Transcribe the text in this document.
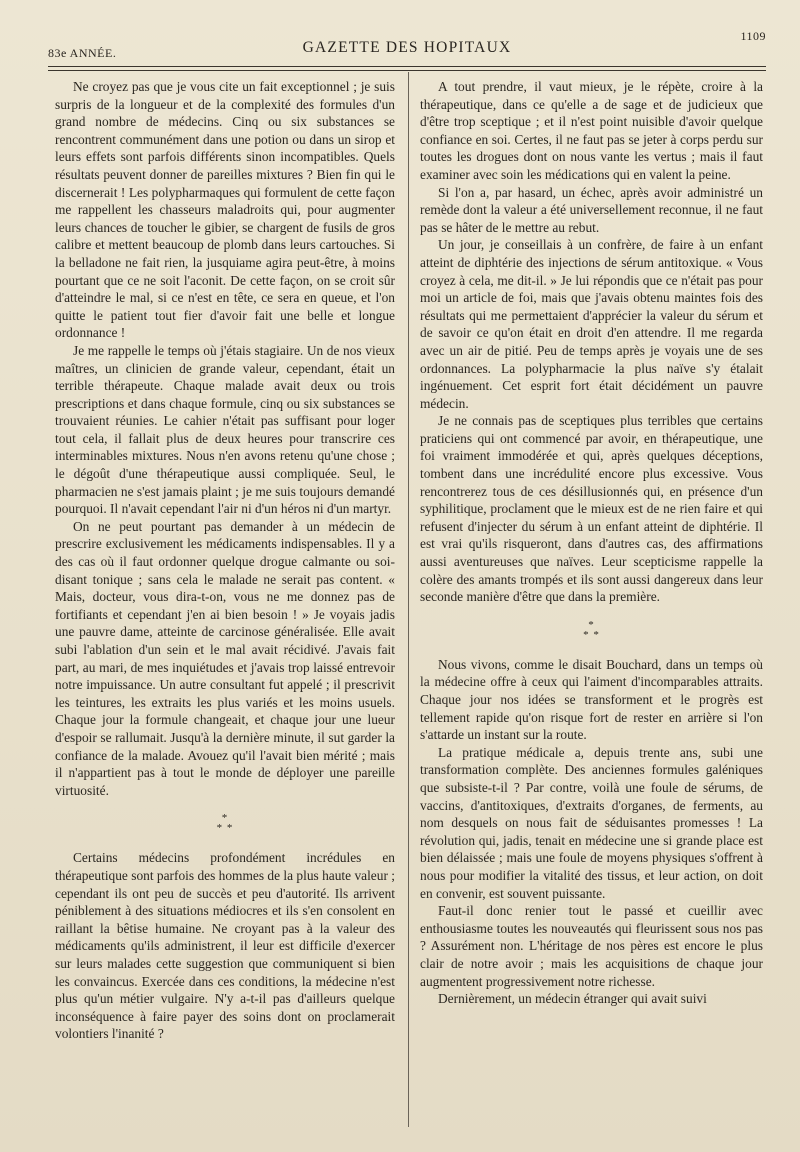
83e ANNÉE.	GAZETTE DES HOPITAUX
1109

Ne croyez pas que je vous cite un fait exceptionnel ; je suis surpris de la longueur et de la complexité des formules d'un grand nombre de médecins. Cinq ou six substances se rencontrent communément dans une potion ou dans un sirop et leurs effets sont parfois différents sinon incompatibles. Quels résultats peuvent donner de pareilles mixtures ? Bien fin qui le discernerait ! Les polypharmaques qui formulent de cette façon me rappellent les chasseurs maladroits qui, pour augmenter leurs chances de toucher le gibier, se chargent de fusils de gros calibre et mettent beaucoup de plomb dans leurs cartouches. Si la belladone ne fait rien, la jusquiame agira peut-être, à moins pourtant que ce ne soit l'aconit. De cette façon, on se croit sûr d'atteindre le mal, si ce n'est en tête, ce sera en queue, et l'on quitte le patient tout fier d'avoir fait une belle et longue ordonnance !

Je me rappelle le temps où j'étais stagiaire. Un de nos vieux maîtres, un clinicien de grande valeur, cependant, était un terrible thérapeute. Chaque malade avait deux ou trois prescriptions et dans chaque formule, cinq ou six substances se trouvaient réunies. Le cahier n'était pas suffisant pour loger tout cela, il fallait plus de deux heures pour transcrire ces interminables mixtures. Nous n'en avons retenu qu'une chose ; le dégoût d'une thérapeutique aussi compliquée. Seul, le pharmacien ne s'est jamais plaint ; je me suis toujours demandé pourquoi. Il n'avait cependant l'air ni d'un héros ni d'un martyr.

On ne peut pourtant pas demander à un médecin de prescrire exclusivement les médicaments indispensables. Il y a des cas où il faut ordonner quelque drogue calmante ou soi-disant tonique ; sans cela le malade ne serait pas content. « Mais, docteur, vous dira-t-on, vous ne me donnez pas de fortifiants et cependant j'en ai bien besoin ! » Je voyais jadis une pauvre dame, atteinte de carcinose généralisée. Elle avait subi l'ablation d'un sein et le mal avait récidivé. J'avais fait part, au mari, de mes inquiétudes et j'avais trop laissé entrevoir notre impuissance. Un autre consultant fut appelé ; il prescrivit les teintures, les extraits les plus variés et les moins usuels. Chaque jour la formule changeait, et chaque jour une lueur d'espoir se rallumait. Jusqu'à la dernière minute, il sut garder la confiance de la malade. Avouez qu'il l'avait bien mérité ; mais il n'appartient pas à tout le monde de déployer une pareille virtuosité.

*
* *

Certains médecins profondément incrédules en thérapeutique sont parfois des hommes de la plus haute valeur ; cependant ils ont peu de succès et peu d'autorité. Ils arrivent péniblement à des situations médiocres et ils s'en consolent en raillant la bêtise humaine. Ne croyant pas à la valeur des médicaments qu'ils administrent, il leur est difficile d'exercer sur leurs malades cette suggestion que communiquent si bien les convaincus. Exercée dans ces conditions, la médecine n'est plus qu'un métier vulgaire. N'y a-t-il pas d'ailleurs quelque inconséquence à faire payer des soins dont on proclamerait volontiers l'inanité ?

A tout prendre, il vaut mieux, je le répète, croire à la thérapeutique, dans ce qu'elle a de sage et de judicieux que d'être trop sceptique ; et il n'est point nuisible d'avoir quelque confiance en soi. Certes, il ne faut pas se jeter à corps perdu sur toutes les drogues dont on nous vante les vertus ; mais il faut examiner avec soin les médications qui en valent la peine.

Si l'on a, par hasard, un échec, après avoir administré un remède dont la valeur a été universellement reconnue, il ne faut pas se hâter de le mettre au rebut.

Un jour, je conseillais à un confrère, de faire à un enfant atteint de diphtérie des injections de sérum antitoxique. « Vous croyez à cela, me dit-il. » Je lui répondis que ce n'était pas pour moi un article de foi, mais que j'avais obtenu maintes fois des résultats qui me permettaient d'apprécier la valeur du sérum et de savoir ce qu'on était en droit d'en attendre. Il me regarda avec un air de pitié. Peu de temps après je voyais une de ses ordonnances. La polypharmacie la plus naïve s'y étalait ingénuement. Cet esprit fort était décidément un pauvre médecin.

Je ne connais pas de sceptiques plus terribles que certains praticiens qui ont commencé par avoir, en thérapeutique, une foi vraiment immodérée et qui, après quelques déceptions, tombent dans une incrédulité encore plus excessive. Vous rencontrerez tous de ces désillusionnés qui, en présence d'un syphilitique, proclament que le mieux est de ne rien faire et qui refusent d'injecter du sérum à un enfant atteint de diphtérie. Il est vrai qu'ils risqueront, dans d'autres cas, des affirmations aussi aventureuses que naïves. Leur scepticisme rappelle la colère des amants trompés et ils sont aussi dangereux dans leur seconde manière d'être que dans la première.

*
* *

Nous vivons, comme le disait Bouchard, dans un temps où la médecine offre à ceux qui l'aiment d'incomparables attraits. Chaque jour nos idées se transforment et le progrès est tellement rapide qu'on risque fort de rester en arrière si l'on s'attarde un instant sur la route.

La pratique médicale a, depuis trente ans, subi une transformation complète. Des anciennes formules galéniques que subsiste-t-il ? Par contre, voilà une foule de sérums, de vaccins, d'antitoxiques, d'extraits d'organes, de ferments, au nom desquels on nous fait de séduisantes promesses ! La révolution qui, jadis, tenait en médecine une si grande place est bien délaissée ; mais une foule de moyens physiques s'offrent à nous pour modifier la vitalité des tissus, et leur action, on doit en convenir, est souvent puissante.

Faut-il donc renier tout le passé et cueillir avec enthousiasme toutes les nouveautés qui fleurissent sous nos pas ? Assurément non. L'héritage de nos pères est encore le plus clair de notre avoir ; mais les acquisitions de chaque jour augmentent progressivement notre richesse.

Dernièrement, un médecin étranger qui avait suivi
